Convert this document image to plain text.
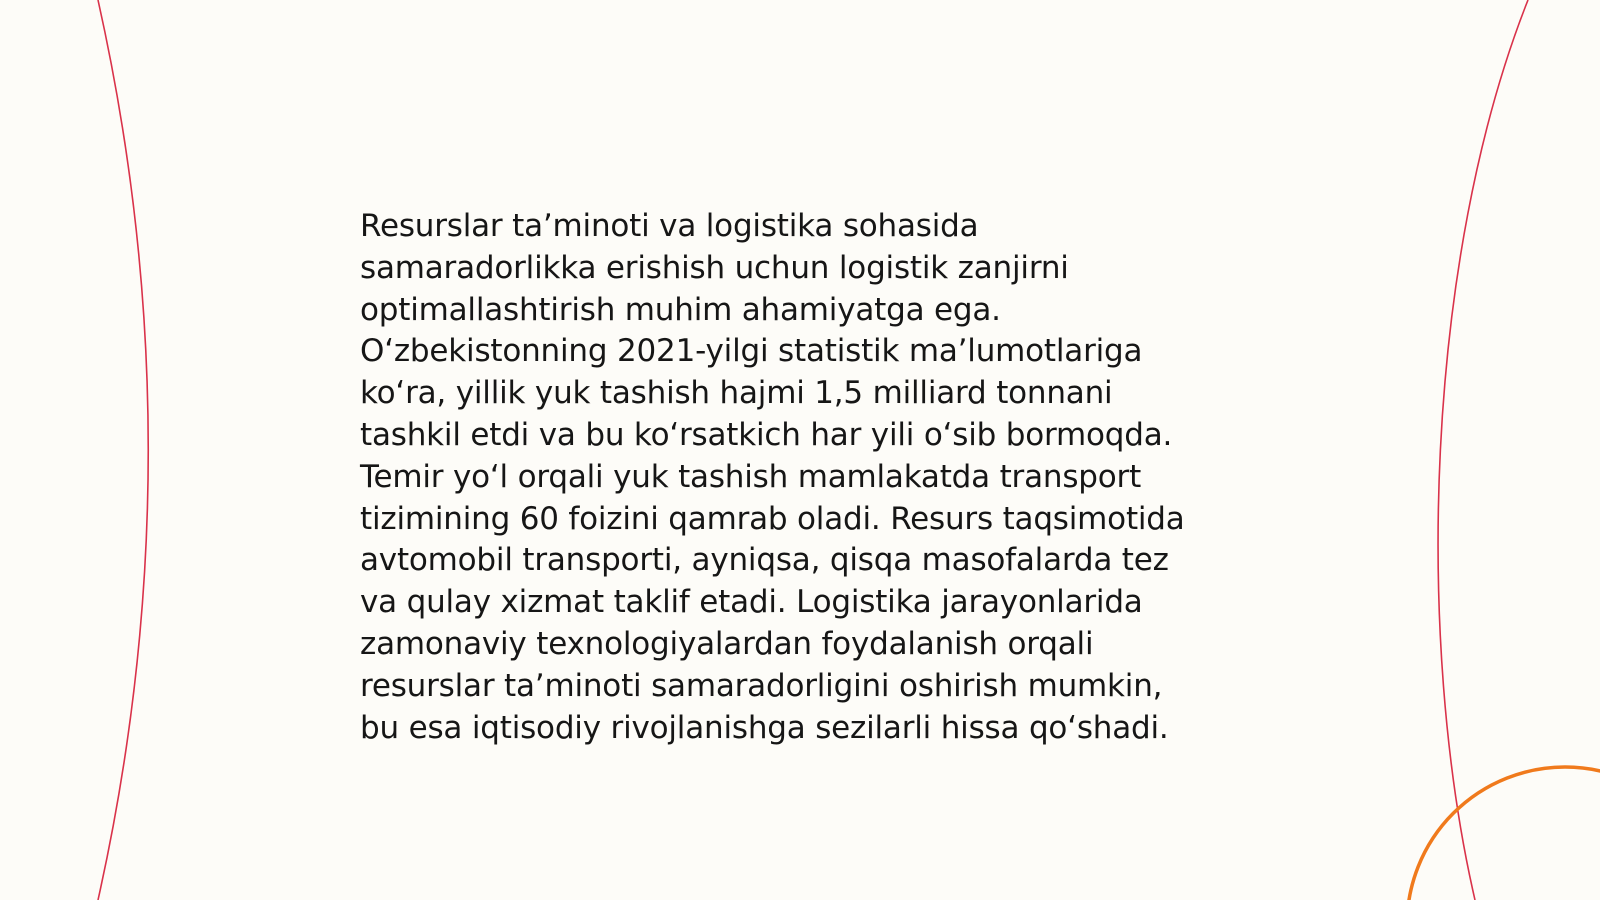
Resurslar ta’minoti va logistika sohasida
samaradorlikka erishish uchun logistik zanjirni
optimallashtirish muhim ahamiyatga ega.
O‘zbekistonning 2021-yilgi statistik ma’lumotlariga
ko‘ra, yillik yuk tashish hajmi 1,5 milliard tonnani
tashkil etdi va bu ko‘rsatkich har yili o‘sib bormoqda.
Temir yo‘l orqali yuk tashish mamlakatda transport
tizimining 60 foizini qamrab oladi. Resurs taqsimotida
avtomobil transporti, ayniqsa, qisqa masofalarda tez
va qulay xizmat taklif etadi. Logistika jarayonlarida
zamonaviy texnologiyalardan foydalanish orqali
resurslar ta’minoti samaradorligini oshirish mumkin,
bu esa iqtisodiy rivojlanishga sezilarli hissa qo‘shadi.
